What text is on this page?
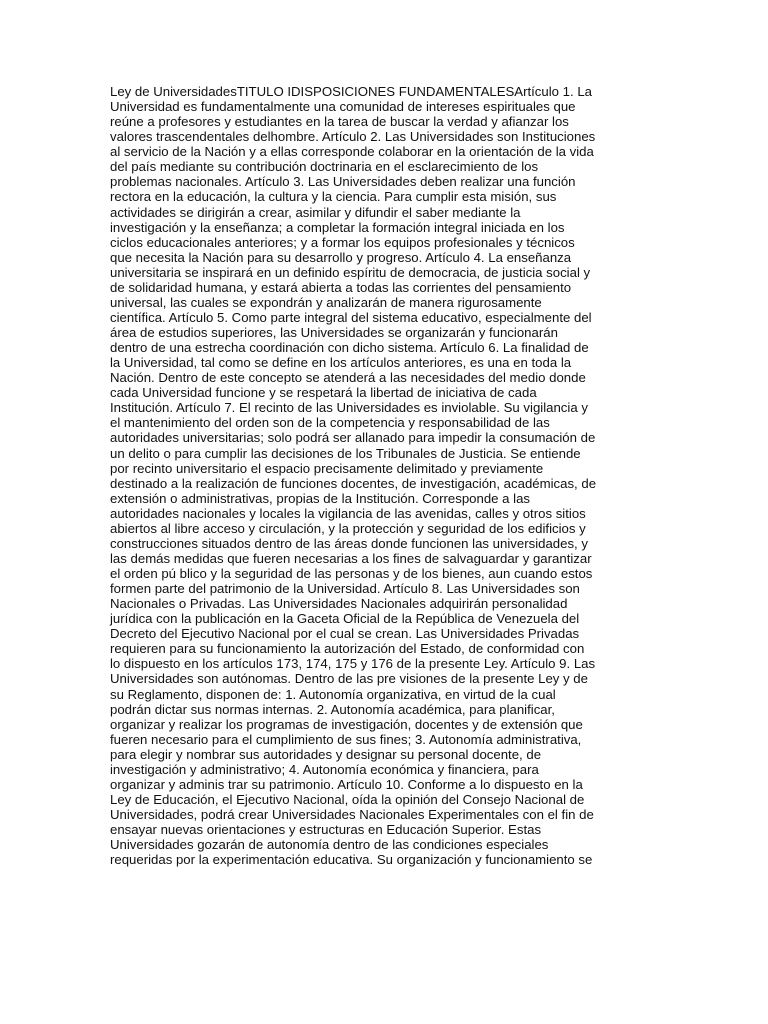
Ley de UniversidadesTITULO IDISPOSICIONES FUNDAMENTALESArtículo 1. La
Universidad es fundamentalmente una comunidad de intereses espirituales que
reúne a profesores y estudiantes en la tarea de buscar la verdad y afianzar los
valores trascendentales delhombre. Artículo 2. Las Universidades son Instituciones
al servicio de la Nación y a ellas corresponde colaborar en la orientación de la vida
del país mediante su contribución doctrinaria en el esclarecimiento de los
problemas nacionales. Artículo 3. Las Universidades deben realizar una función
rectora en la educación, la cultura y la ciencia. Para cumplir esta misión, sus
actividades se dirigirán a crear, asimilar y difundir el saber mediante la
investigación y la enseñanza; a completar la formación integral iniciada en los
ciclos educacionales anteriores; y a formar los equipos profesionales y técnicos
que necesita la Nación para su desarrollo y progreso. Artículo 4. La enseñanza
universitaria se inspirará en un definido espíritu de democracia, de justicia social y
de solidaridad humana, y estará abierta a todas las corrientes del pensamiento
universal, las cuales se expondrán y analizarán de manera rigurosamente
científica. Artículo 5. Como parte integral del sistema educativo, especialmente del
área de estudios superiores, las Universidades se organizarán y funcionarán
dentro de una estrecha coordinación con dicho sistema. Artículo 6. La finalidad de
la Universidad, tal como se define en los artículos anteriores, es una en toda la
Nación. Dentro de este concepto se atenderá a las necesidades del medio donde
cada Universidad funcione y se respetará la libertad de iniciativa de cada
Institución. Artículo 7. El recinto de las Universidades es inviolable. Su vigilancia y
el mantenimiento del orden son de la competencia y responsabilidad de las
autoridades universitarias; solo podrá ser allanado para impedir la consumación de
un delito o para cumplir las decisiones de los Tribunales de Justicia. Se entiende
por recinto universitario el espacio precisamente delimitado y previamente
destinado a la realización de funciones docentes, de investigación, académicas, de
extensión o administrativas, propias de la Institución. Corresponde a las
autoridades nacionales y locales la vigilancia de las avenidas, calles y otros sitios
abiertos al libre acceso y circulación, y la protección y seguridad de los edificios y
construcciones situados dentro de las áreas donde funcionen las universidades, y
las demás medidas que fueren necesarias a los fines de salvaguardar y garantizar
el orden pú blico y la seguridad de las personas y de los bienes, aun cuando estos
formen parte del patrimonio de la Universidad. Artículo 8. Las Universidades son
Nacionales o Privadas. Las Universidades Nacionales adquirirán personalidad
jurídica con la publicación en la Gaceta Oficial de la República de Venezuela del
Decreto del Ejecutivo Nacional por el cual se crean. Las Universidades Privadas
requieren para su funcionamiento la autorización del Estado, de conformidad con
lo dispuesto en los artículos 173, 174, 175 y 176 de la presente Ley. Artículo 9. Las
Universidades son autónomas. Dentro de las pre visiones de la presente Ley y de
su Reglamento, disponen de: 1. Autonomía organizativa, en virtud de la cual
podrán dictar sus normas internas. 2. Autonomía académica, para planificar,
organizar y realizar los programas de investigación, docentes y de extensión que
fueren necesario para el cumplimiento de sus fines; 3. Autonomía administrativa,
para elegir y nombrar sus autoridades y designar su personal docente, de
investigación y administrativo; 4. Autonomía económica y financiera, para
organizar y adminis trar su patrimonio. Artículo 10. Conforme a lo dispuesto en la
Ley de Educación, el Ejecutivo Nacional, oída la opinión del Consejo Nacional de
Universidades, podrá crear Universidades Nacionales Experimentales con el fin de
ensayar nuevas orientaciones y estructuras en Educación Superior. Estas
Universidades gozarán de autonomía dentro de las condiciones especiales
requeridas por la experimentación educativa. Su organización y funcionamiento se
